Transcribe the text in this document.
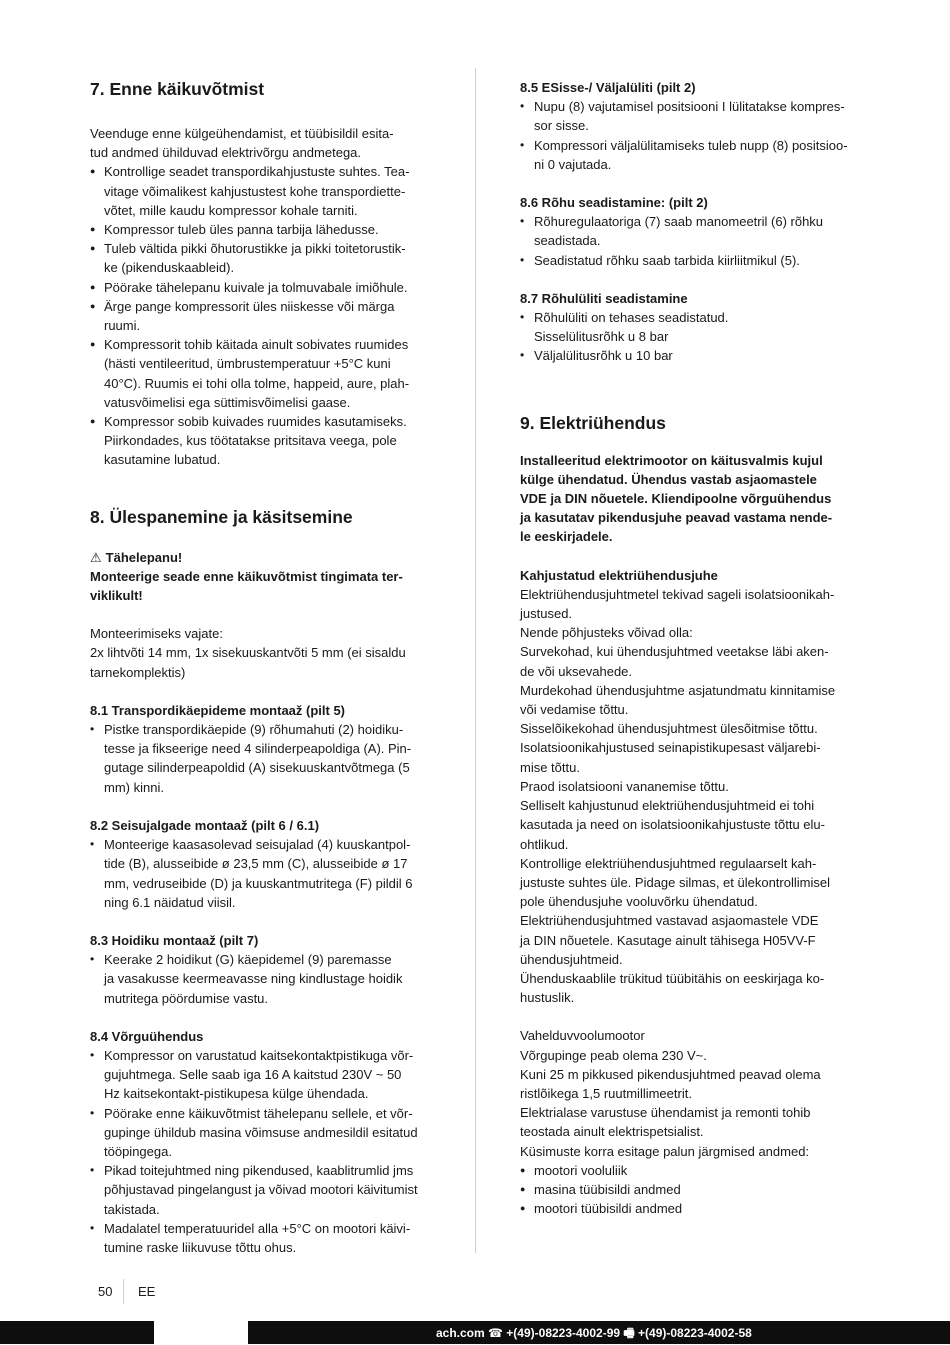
7. Enne käikuvõtmist

Veenduge enne külgeühendamist, et tüübisildil esita-
tud andmed ühilduvad elektrivõrgu andmetega.

● Kontrollige seadet transpordikahjustuste suhtes. Tea-
vitage võimalikest kahjustustest kohe transpordiette-
võtet, mille kaudu kompressor kohale tarniti.
● Kompressor tuleb üles panna tarbija lähedusse.
● Tuleb vältida pikki õhutorustikke ja pikki toitetorustik-
ke (pikenduskaableid).
● Pöörake tähelepanu kuivale ja tolmuvabale imiõhule.
● Ärge pange kompressorit üles niiskesse või märga
ruumi.
● Kompressorit tohib käitada ainult sobivates ruumides
(hästi ventileeritud, ümbrustemperatuur +5°C kuni
40°C). Ruumis ei tohi olla tolme, happeid, aure, plah-
vatusvõimelisi ega süttimisvõimelisi gaase.
● Kompressor sobib kuivades ruumides kasutamiseks.
Piirkondades, kus töötatakse pritsitava veega, pole
kasutamine lubatud.
8. Ülespanemine ja käsitsemine

⚠ Tähelepanu!

Monteerige seade enne käikuvõtmist tingimata ter-
viklikult!

Monteerimiseks vajate:
2x lihtvõti 14 mm, 1x sisekuuskantvõti 5 mm (ei sisaldu
tarnekomplektis)

8.1 Transpordikäepideme montaaž (pilt 5)

• Pistke transpordikäepide (9) rõhumahuti (2) hoidiku-
tesse ja fikseerige need 4 silinderpeapoldiga (A). Pin-
gutage silinderpeapoldid (A) sisekuuskantvõtmega (5
mm) kinni.

8.2 Seisujalgade montaaž (pilt 6 / 6.1)

• Monteerige kaasasolevad seisujalad (4) kuuskantpol-
tide (B), alusseibide ø 23,5 mm (C), alusseibide ø 17
mm, vedruseibide (D) ja kuuskantmutritega (F) pildil 6
ning 6.1 näidatud viisil.

8.3 Hoidiku montaaž (pilt 7)

• Keerake 2 hoidikut (G) käepidemel (9) paremasse
ja vasakusse keermeavasse ning kindlustage hoidik
mutritega pöördumise vastu.

8.4 Võrguühendus

• Kompressor on varustatud kaitsekontaktpistikuga võr-
gujuhtmega. Selle saab iga 16 A kaitstud 230V ~ 50
Hz kaitsekontakt-pistikupesa külge ühendada.
• Pöörake enne käikuvõtmist tähelepanu sellele, et võr-
gupinge ühildub masina võimsuse andmesildil esitatud
tööpingega.
• Pikad toitejuhtmed ning pikendused, kaablitrumlid jms
põhjustavad pingelangust ja võivad mootori käivitumist
takistada.
• Madalatel temperatuuridel alla +5°C on mootori käivi-
tumine raske liikuvuse tõttu ohus.

8.5 ESisse-/ Väljalüliti (pilt 2)

• Nupu (8) vajutamisel positsiooni I lülitatakse kompres-
sor sisse.
• Kompressori väljalülitamiseks tuleb nupp (8) positsioo-
ni 0 vajutada.

8.6 Rõhu seadistamine: (pilt 2)

• Rõhuregulaatoriga (7) saab manomeetril (6) rõhku
seadistada.
• Seadistatud rõhku saab tarbida kiirliitmikul (5).

8.7 Rõhulüliti seadistamine

• Rõhulüliti on tehases seadistatud.
Sisselülitusrõhk u 8 bar
• Väljalülitusrõhk u 10 bar
9. Elektriühendus

Installeeritud elektrimootor on käitusvalmis kujul
külge ühendatud. Ühendus vastab asjaomastele
VDE ja DIN nõuetele. Kliendipoolne võrguühendus
ja kasutatav pikendusjuhe peavad vastama nende-
le eeskirjadele.

Kahjustatud elektriühendusjuhe

Elektriühendusjuhtmetel tekivad sageli isolatsioonikah-
justused.
Nende põhjusteks võivad olla:
Survekohad, kui ühendusjuhtmed veetakse läbi aken-
de või uksevahede.
Murdekohad ühendusjuhtme asjatundmatu kinnitamise
või vedamise tõttu.
Sisselõikekohad ühendusjuhtmest ülesõitmise tõttu.
Isolatsioonikahjustused seinapistikupesast väljarebi-
mise tõttu.
Praod isolatsiooni vananemise tõttu.
Selliselt kahjustunud elektriühendusjuhtmeid ei tohi
kasutada ja need on isolatsioonikahjustuste tõttu elu-
ohtlikud.
Kontrollige elektriühendusjuhtmed regulaarselt kah-
justuste suhtes üle. Pidage silmas, et ülekontrollimisel
pole ühendusjuhe vooluvõrku ühendatud.
Elektriühendusjuhtmed vastavad asjaomastele VDE
ja DIN nõuetele. Kasutage ainult tähisega H05VV-F
ühendusjuhtmeid.
Ühenduskaablile trükitud tüübitähis on eeskirjaga ko-
hustuslik.

Vahelduvvoolumootor
Võrgupinge peab olema 230 V~.
Kuni 25 m pikkused pikendusjuhtmed peavad olema
ristlõikega 1,5 ruutmillimeetrit.
Elektrialase varustuse ühendamist ja remonti tohib
teostada ainult elektrispetsialist.
Küsimuste korra esitage palun järgmised andmed:

● mootori vooluliik
● masina tüübisildi andmed
● mootori tüübisildi andmed
50 EE
ach.com ☎ +(49)-08223-4002-99 🖷 +(49)-08223-4002-58
